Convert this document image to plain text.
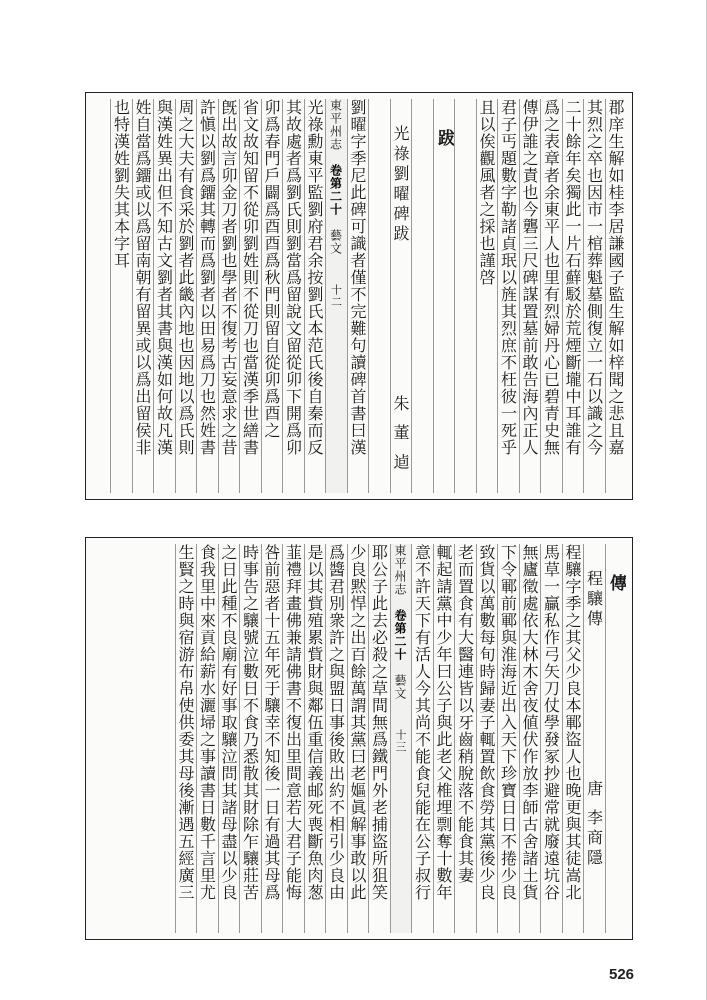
郡庠生解如桂李居謙國子監生解如梓聞之悲且嘉
其烈之卒也因市一棺葬魁墓側復立一石以識之今
二十餘年矣獨此一片石蘚駁於荒煙斷壠中耳誰有
爲之表章者余東平人也里有烈婦丹心已碧青史無
傳伊誰之責也今礱三尺碑謀置墓前敢告海內正人
君子丐題數字勒諸貞珉以旌其烈庶不枉彼一死乎
且以俟觀風者之採也謹啓
跋
光祿劉曜碑跋朱 董 逌
劉曜字季尼此碑可識者僅不完難句讀碑首書曰漢
東平州志 卷第二十 藝文 十二
光祿勳東平監劉府君余按劉氏本范氏後自秦而反
其故處者爲劉氏則劉當爲留說文留從卯下開爲卯
卯爲春門戶闢爲酉酉爲秋門則留自從卯爲酉之
省文故知留不從卯劉姓則不從刀也當漢季世繕書
旣出故言卯金刀者劉也學者不復考古妄意求之昔
許愼以劉爲鐂其轉而爲劉者以田易爲刀也然姓書
周之大夫有食采於劉者此畿內地也因地以爲氏則
與漢姓異出但不知古文劉者其書與漢如何故凡漢
姓自當爲鐂或以爲留南朝有留異或以爲出留侯非
也特漢姓劉失其本字耳
傳
程驤傳唐 李商隱
程驤字季之其父少良本鄆盜人也晚更與其徒嵩北
馬草一贏私作弓矢刀仗學發冢抄避常就廢遠坑谷
無廬徵處依大林木舍夜値伏作放李師古舍諸土貨
下令鄆前鄆與淮海近出入天下珍寶日日不捲少良
致貨以萬數每旬時歸妻子輒置飲食勞其黨後少良
老而置食有大醫連皆以牙齒稍脫落不能食其妻
輒起請黨中少年曰公子與此老父椎埋剽奪十數年
意不許天下有活人今其尚不能食兒能在公子叔行
東平州志 卷第二十 藝文 十三
耶公子此去必殺之草間無爲鐵門外老捕盜所狙笑
少良黙悍之出百餘萬謂其黨曰老嫗眞解事敢以此
爲醬君別衆許之與盟日事後敗出約不相引少良由
是以其貲殖累貲財與鄰伍重信義邮死喪斷魚肉葱
韮禮拜畫佛兼請佛書不復出里間意若大君子能悔
咎前惡者十五年死于驤幸不知後一日有過其母爲
時事告之驤號泣數日不食乃悉散其財除乍驤莊苦
之日此種不良廟有好事取驤泣問其諸母盡以少良
食我里中來貢給薪水灑埽之事讀書日數千言里尤
生賢之時與宿游布帛使供委其母後漸遇五經廣三
526
